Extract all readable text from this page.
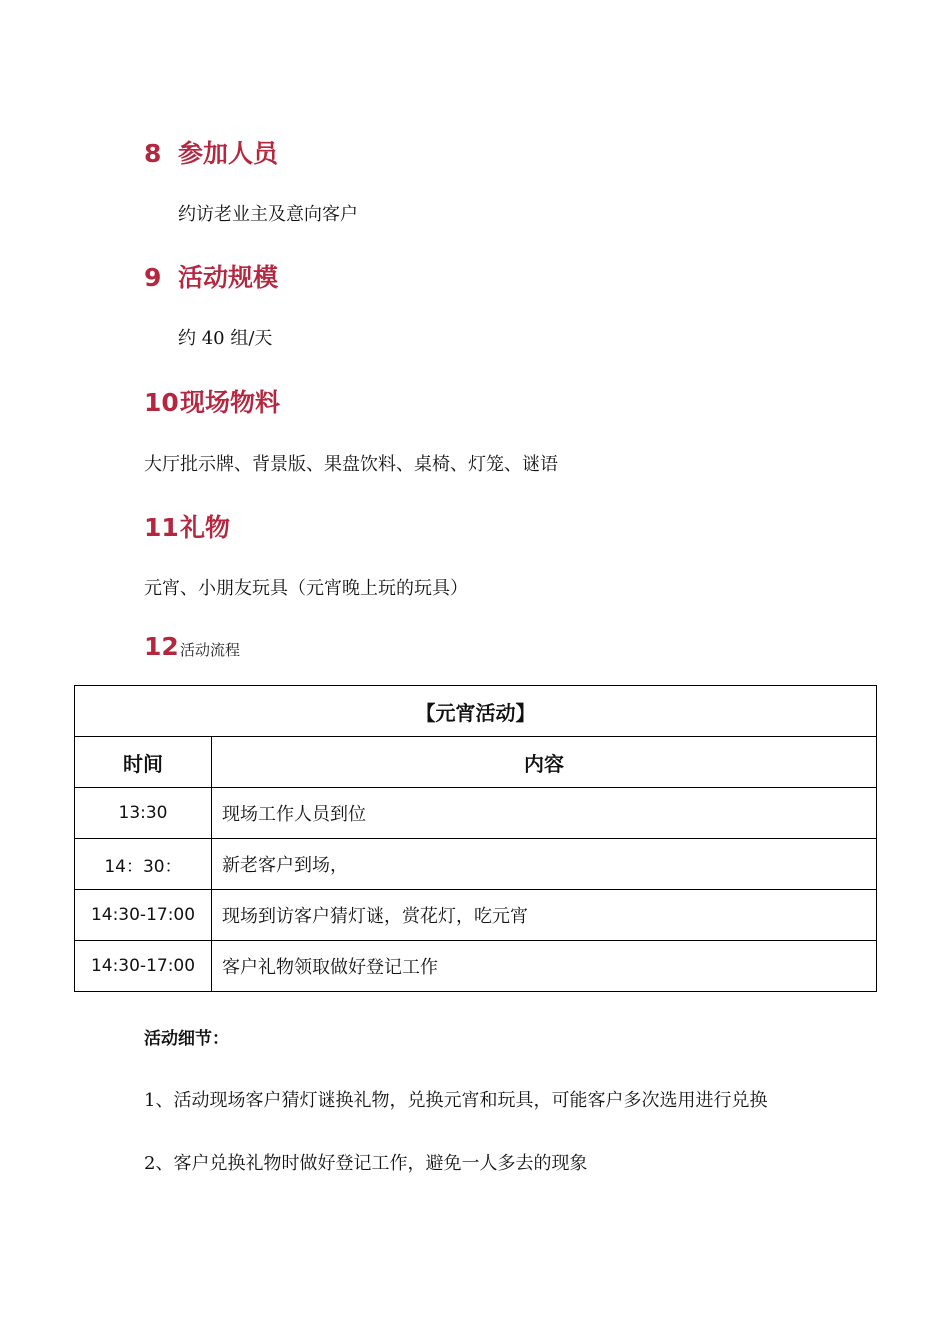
8 参加人员
约访老业主及意向客户
9 活动规模
约 40 组/天
10现场物料
大厅批示牌、背景版、果盘饮料、桌椅、灯笼、谜语
11礼物
元宵、小朋友玩具（元宵晚上玩的玩具）
12活动流程
【元宵活动】	
时间	内容
13:30	现场工作人员到位
14：30：	新老客户到场，
14:30-17:00	现场到访客户猜灯谜，赏花灯，吃元宵
14:30-17:00	客户礼物领取做好登记工作
活动细节：
1、活动现场客户猜灯谜换礼物，兑换元宵和玩具，可能客户多次选用进行兑换
2、客户兑换礼物时做好登记工作，避免一人多去的现象
